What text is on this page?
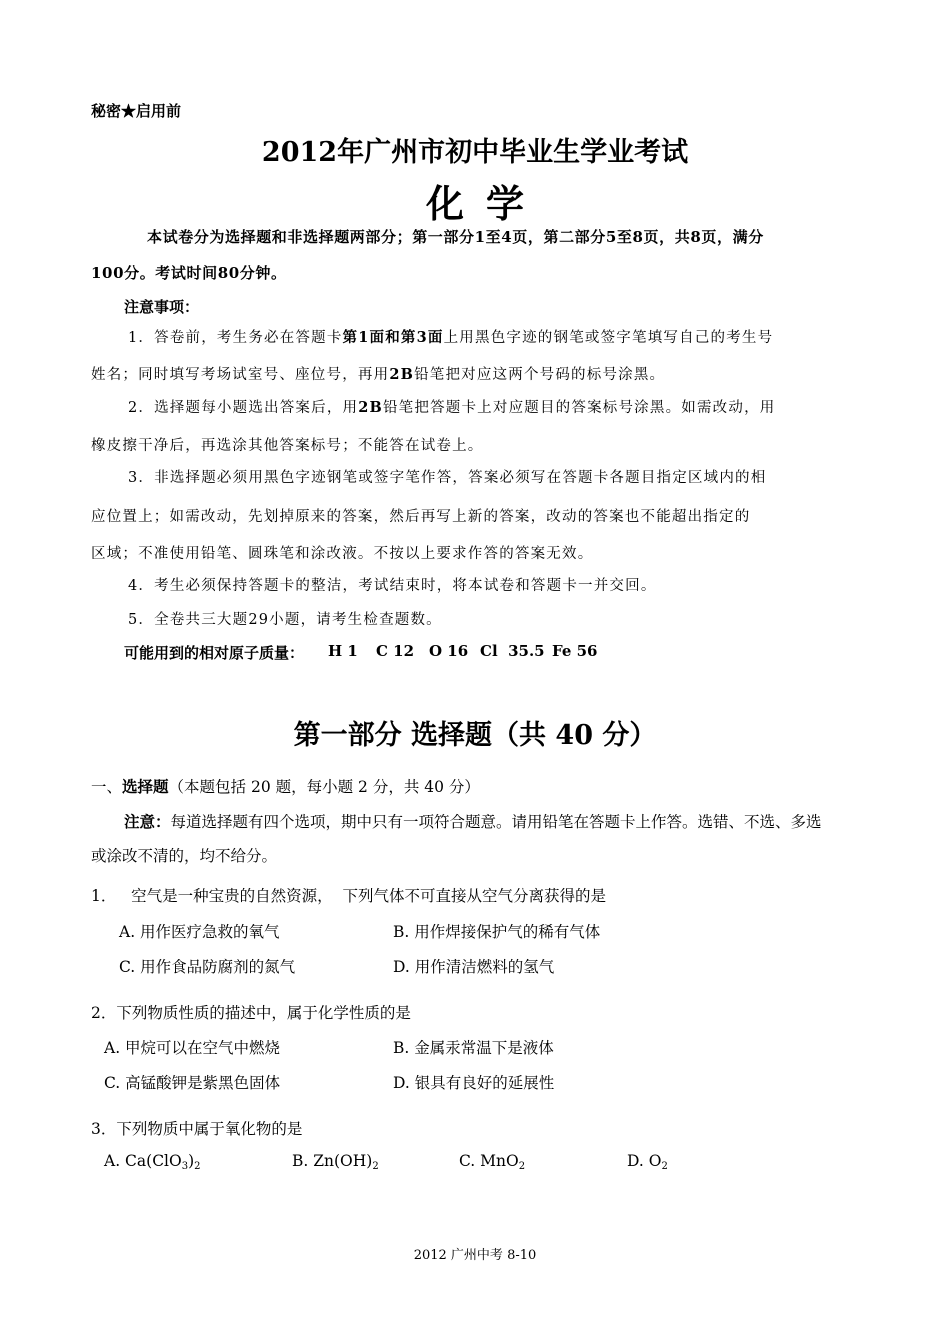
秘密★启用前
2012年广州市初中毕业生学业考试
化学
本试卷分为选择题和非选择题两部分；第一部分1至4页，第二部分5至8页，共8页，满分
100分。考试时间80分钟。
注意事项：
1．答卷前，考生务必在答题卡第1面和第3面上用黑色字迹的钢笔或签字笔填写自己的考生号
姓名；同时填写考场试室号、座位号，再用2B铅笔把对应这两个号码的标号涂黑。
2．选择题每小题选出答案后，用2B铅笔把答题卡上对应题目的答案标号涂黑。如需改动，用
橡皮擦干净后，再选涂其他答案标号；不能答在试卷上。
3．非选择题必须用黑色字迹钢笔或签字笔作答，答案必须写在答题卡各题目指定区域内的相
应位置上；如需改动，先划掉原来的答案，然后再写上新的答案，改动的答案也不能超出指定的
区域；不准使用铅笔、圆珠笔和涂改液。不按以上要求作答的答案无效。
4．考生必须保持答题卡的整洁，考试结束时，将本试卷和答题卡一并交回。
5．全卷共三大题29小题，请考生检查题数。
可能用到的相对原子质量： H 1 C 12 O 16 Cl  35.5 Fe 56
第一部分 选择题（共 40 分）
一、选择题（本题包括 20 题，每小题 2 分，共 40 分）
注意：每道选择题有四个选项，期中只有一项符合题意。请用铅笔在答题卡上作答。选错、不选、多选
或涂改不清的，均不给分。
1．   空气是一种宝贵的自然资源，  下列气体不可直接从空气分离获得的是
A. 用作医疗急救的氧气	B. 用作焊接保护气的稀有气体
C. 用作食品防腐剂的氮气	D. 用作清洁燃料的氢气
2．下列物质性质的描述中，属于化学性质的是
A. 甲烷可以在空气中燃烧	B. 金属汞常温下是液体
C. 高锰酸钾是紫黑色固体	D. 银具有良好的延展性
3．下列物质中属于氧化物的是
A. $Ca(ClO_3)_2$	B. $Zn(OH)_2$	C. MnO$_2$	D. $O_2$
2012 广州中考 8-10
